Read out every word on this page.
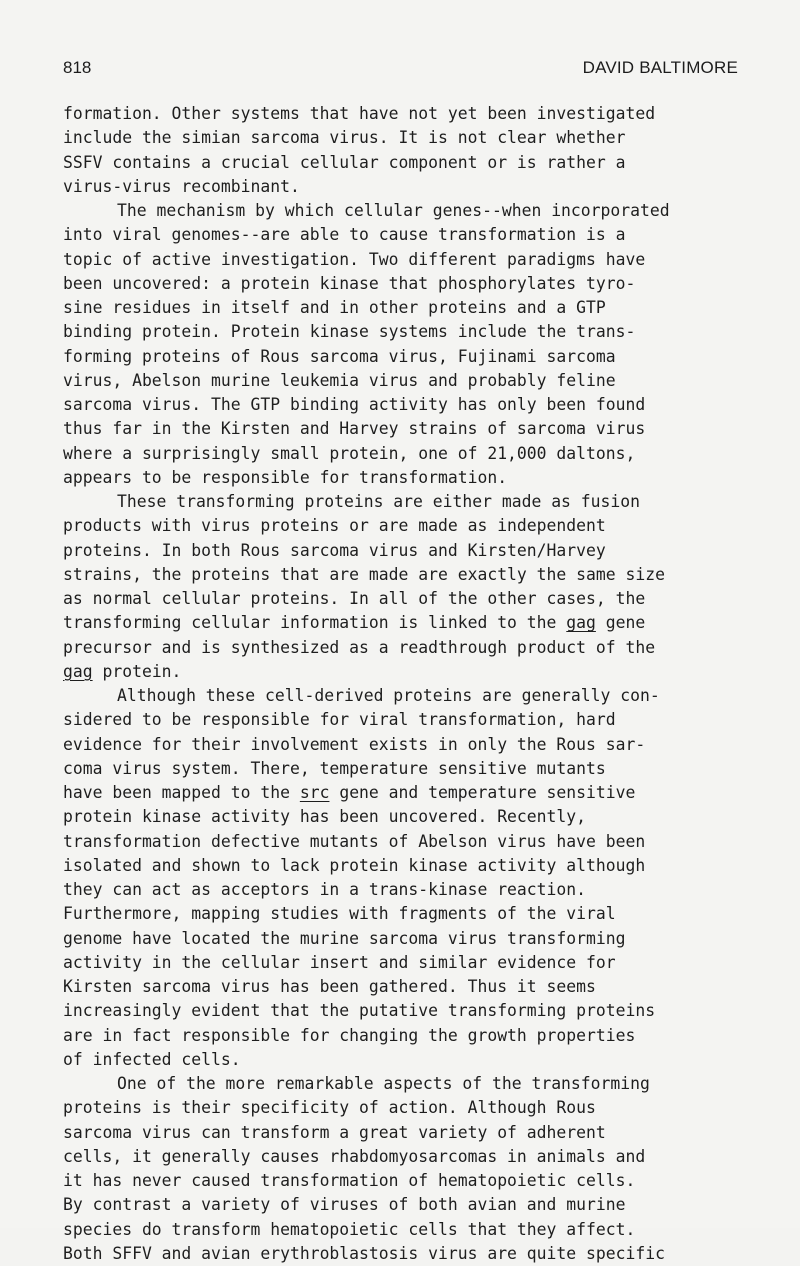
818	DAVID BALTIMORE
formation. Other systems that have not yet been investigated
include the simian sarcoma virus. It is not clear whether
SSFV contains a crucial cellular component or is rather a
virus-virus recombinant.
The mechanism by which cellular genes--when incorporated
into viral genomes--are able to cause transformation is a
topic of active investigation. Two different paradigms have
been uncovered: a protein kinase that phosphorylates tyro-
sine residues in itself and in other proteins and a GTP
binding protein. Protein kinase systems include the trans-
forming proteins of Rous sarcoma virus, Fujinami sarcoma
virus, Abelson murine leukemia virus and probably feline
sarcoma virus. The GTP binding activity has only been found
thus far in the Kirsten and Harvey strains of sarcoma virus
where a surprisingly small protein, one of 21,000 daltons,
appears to be responsible for transformation.
These transforming proteins are either made as fusion
products with virus proteins or are made as independent
proteins. In both Rous sarcoma virus and Kirsten/Harvey
strains, the proteins that are made are exactly the same size
as normal cellular proteins. In all of the other cases, the
transforming cellular information is linked to the gag gene
precursor and is synthesized as a readthrough product of the
gag protein.
Although these cell-derived proteins are generally con-
sidered to be responsible for viral transformation, hard
evidence for their involvement exists in only the Rous sar-
coma virus system. There, temperature sensitive mutants
have been mapped to the src gene and temperature sensitive
protein kinase activity has been uncovered. Recently,
transformation defective mutants of Abelson virus have been
isolated and shown to lack protein kinase activity although
they can act as acceptors in a trans-kinase reaction.
Furthermore, mapping studies with fragments of the viral
genome have located the murine sarcoma virus transforming
activity in the cellular insert and similar evidence for
Kirsten sarcoma virus has been gathered. Thus it seems
increasingly evident that the putative transforming proteins
are in fact responsible for changing the growth properties
of infected cells.
One of the more remarkable aspects of the transforming
proteins is their specificity of action. Although Rous
sarcoma virus can transform a great variety of adherent
cells, it generally causes rhabdomyosarcomas in animals and
it has never caused transformation of hematopoietic cells.
By contrast a variety of viruses of both avian and murine
species do transform hematopoietic cells that they affect.
Both SFFV and avian erythroblastosis virus are quite specific
